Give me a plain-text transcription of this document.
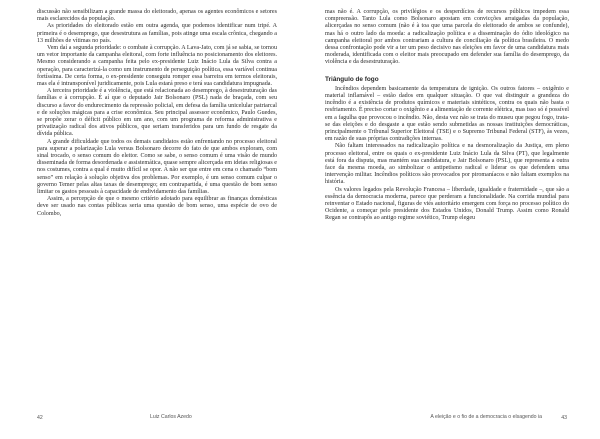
discussão não sensibilizam a grande massa do eleitorado, apenas os agentes econômicos e setores mais esclarecidos da população.

As prioridades do eleitorado estão em outra agenda, que podemos identificar num tripé. A primeira é o desemprego, que desestrutura as famílias, pois atinge uma escala crônica, chegando a 13 milhões de vítimas no país.

Vem daí a segunda prioridade: o combate à corrupção. A Lava-Jato, com já se sabia, se tornou um vetor importante da campanha eleitoral, com forte influência no posicionamento dos eleitores. Mesmo considerando a campanha feita pelo ex-presidente Luiz Inácio Lula da Silva contra a operação, para caracterizá-la como um instrumento de perseguição política, essa variável continua fortíssima. De certa forma, o ex-presidente conseguiu romper essa barreira em termos eleitorais, mas ela é intransponível juridicamente, pois Lula estará preso e terá sua candidatura impugnada.

A terceira prioridade é a violência, que está relacionada ao desemprego, à desestruturação das famílias e à corrupção. É aí que o deputado Jair Bolsonaro (PSL) nada de braçada, com seu discurso a favor do endurecimento da repressão policial, em defesa da família unicelular patriarcal e de soluções mágicas para a crise econômica. Seu principal assessor econômico, Paulo Guedes, se propõe zerar o déficit público em um ano, com um programa de reforma administrativa e privatização radical dos ativos públicos, que seriam transferidos para um fundo de resgate da dívida pública.

A grande dificuldade que todos os demais candidatos estão enfrentando no processo eleitoral para superar a polarização Lula versus Bolsonaro decorre do fato de que ambos exploram, com sinal trocado, o senso comum do eleitor. Como se sabe, o senso comum é uma visão de mundo disseminada de forma desordenada e assistemática, quase sempre alicerçada em ideias religiosas e nos costumes, contra a qual é muito difícil se opor. A não ser que entre em cena o chamado “bom senso” em relação à solução objetiva dos problemas. Por exemplo, é um senso comum culpar o governo Temer pelas altas taxas de desemprego; em contrapartida, é uma questão de bom senso limitar os gastos pessoais à capacidade de endividamento das famílias.

Assim, a percepção de que o mesmo critério adotado para equilibrar as finanças domésticas deve ser usado nas contas públicas seria uma questão de bom senso, uma espécie de ovo de Colombo,

42	Luiz Carlos Azedo

mas não é. A corrupção, os privilégios e os desperdícios de recursos públicos impedem essa compreensão. Tanto Lula como Bolsonaro apostam em convicções arraigadas da população, alicerçadas no senso comum (não é à toa que uma parcela do eleitorado de ambos se confunde), mas há o outro lado da moeda: a radicalização política e a disseminação do ódio ideológico na campanha eleitoral por ambos contrariam a cultura de conciliação da política brasileira. O medo dessa confrontação pode vir a ter um peso decisivo nas eleições em favor de uma candidatura mais moderada, identificada com o eleitor mais preocupado em defender sua família do desemprego, da violência e da desestruturação.

Triângulo de fogo

Incêndios dependem basicamente da temperatura de ignição. Os outros fatores – oxigênio e material inflamável – estão dados em qualquer situação. O que vai distinguir a grandeza do incêndio é a existência de produtos químicos e materiais sintéticos, contra os quais não basta o resfriamento. É preciso cortar o oxigênio e a alimentação de corrente elétrica, mas isso só é possível em a fagulha que provocou o incêndio. Não, desta vez não se trata do museu que pegou fogo, trata-se das eleições e do desgaste a que estão sendo submetidas as nossas instituições democráticas, principalmente o Tribunal Superior Eleitoral (TSE) e o Supremo Tribunal Federal (STF), às vezes, em razão de suas próprias contradições internas.

Não faltam interessados na radicalização política e na desmoralização da Justiça, em pleno processo eleitoral, entre os quais o ex-presidente Luiz Inácio Lula da Silva (PT), que legalmente está fora da disputa, mas mantém sua candidatura, e Jair Bolsonaro (PSL), que representa a outra face da mesma moeda, ao simbolizar o antipetismo radical e liderar os que defendem uma intervenção militar. Incêndios políticos são provocados por piromaníacos e não faltam exemplos na história.

Os valores legados pela Revolução Francesa – liberdade, igualdade e fraternidade –, que são a essência da democracia moderna, parece que perderam a funcionalidade. Na corrida mundial para reinventar o Estado nacional, figuras de viés autoritário emergem com força no processo político do Ocidente, a começar pelo presidente dos Estados Unidos, Donald Trump. Assim como Ronald Regan se contrapôs ao antigo regime soviético, Trump elegeu

A eleição e o fio de a democracia o elsagendo ia	43
